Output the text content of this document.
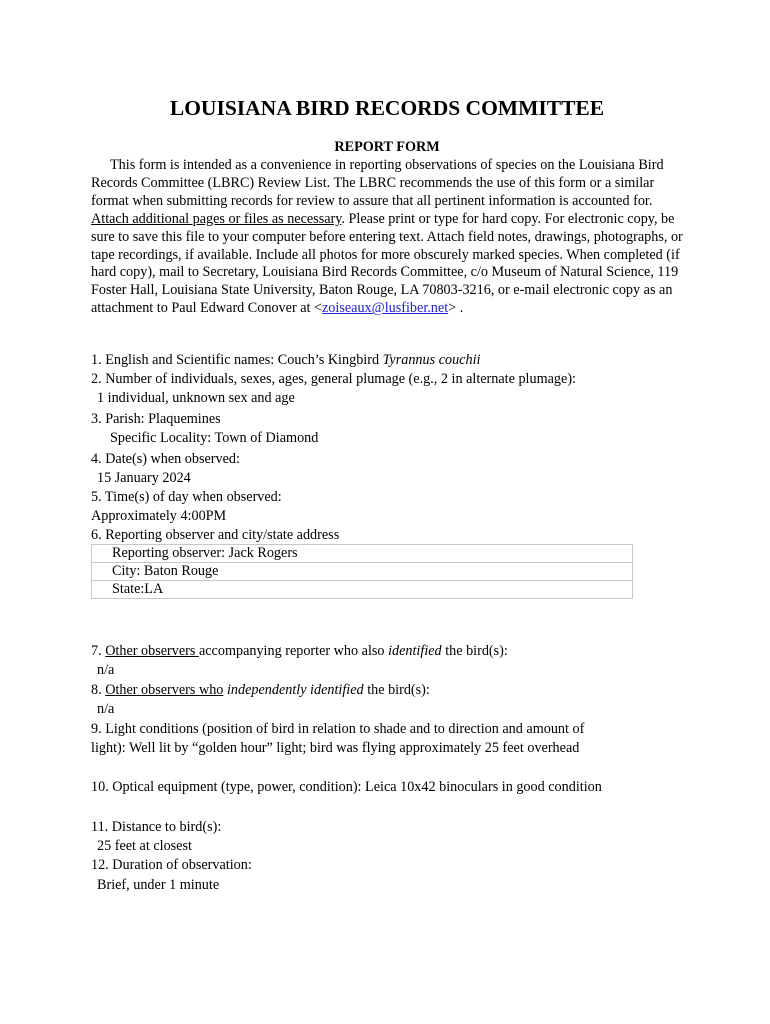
LOUISIANA BIRD RECORDS COMMITTEE
REPORT FORM

This form is intended as a convenience in reporting observations of species on the Louisiana Bird Records Committee (LBRC) Review List. The LBRC recommends the use of this form or a similar format when submitting records for review to assure that all pertinent information is accounted for. Attach additional pages or files as necessary. Please print or type for hard copy. For electronic copy, be sure to save this file to your computer before entering text. Attach field notes, drawings, photographs, or tape recordings, if available. Include all photos for more obscurely marked species. When completed (if hard copy), mail to Secretary, Louisiana Bird Records Committee, c/o Museum of Natural Science, 119 Foster Hall, Louisiana State University, Baton Rouge, LA 70803-3216, or e-mail electronic copy as an attachment to Paul Edward Conover at <zoiseaux@lusfiber.net> .

1. English and Scientific names: Couch’s Kingbird Tyrannus couchii
2. Number of individuals, sexes, ages, general plumage (e.g., 2 in alternate plumage):
1 individual, unknown sex and age
3. Parish: Plaquemines
Specific Locality: Town of Diamond
4. Date(s) when observed:
15 January 2024
5. Time(s) of day when observed:
Approximately 4:00PM
6. Reporting observer and city/state address
Reporting observer: Jack Rogers
City: Baton Rouge
State:LA
7. Other observers accompanying reporter who also identified the bird(s):
n/a
8. Other observers who independently identified the bird(s):
n/a
9. Light conditions (position of bird in relation to shade and to direction and amount of
light): Well lit by “golden hour” light; bird was flying approximately 25 feet overhead
10. Optical equipment (type, power, condition): Leica 10x42 binoculars in good condition
11. Distance to bird(s):
25 feet at closest
12. Duration of observation:
Brief, under 1 minute
